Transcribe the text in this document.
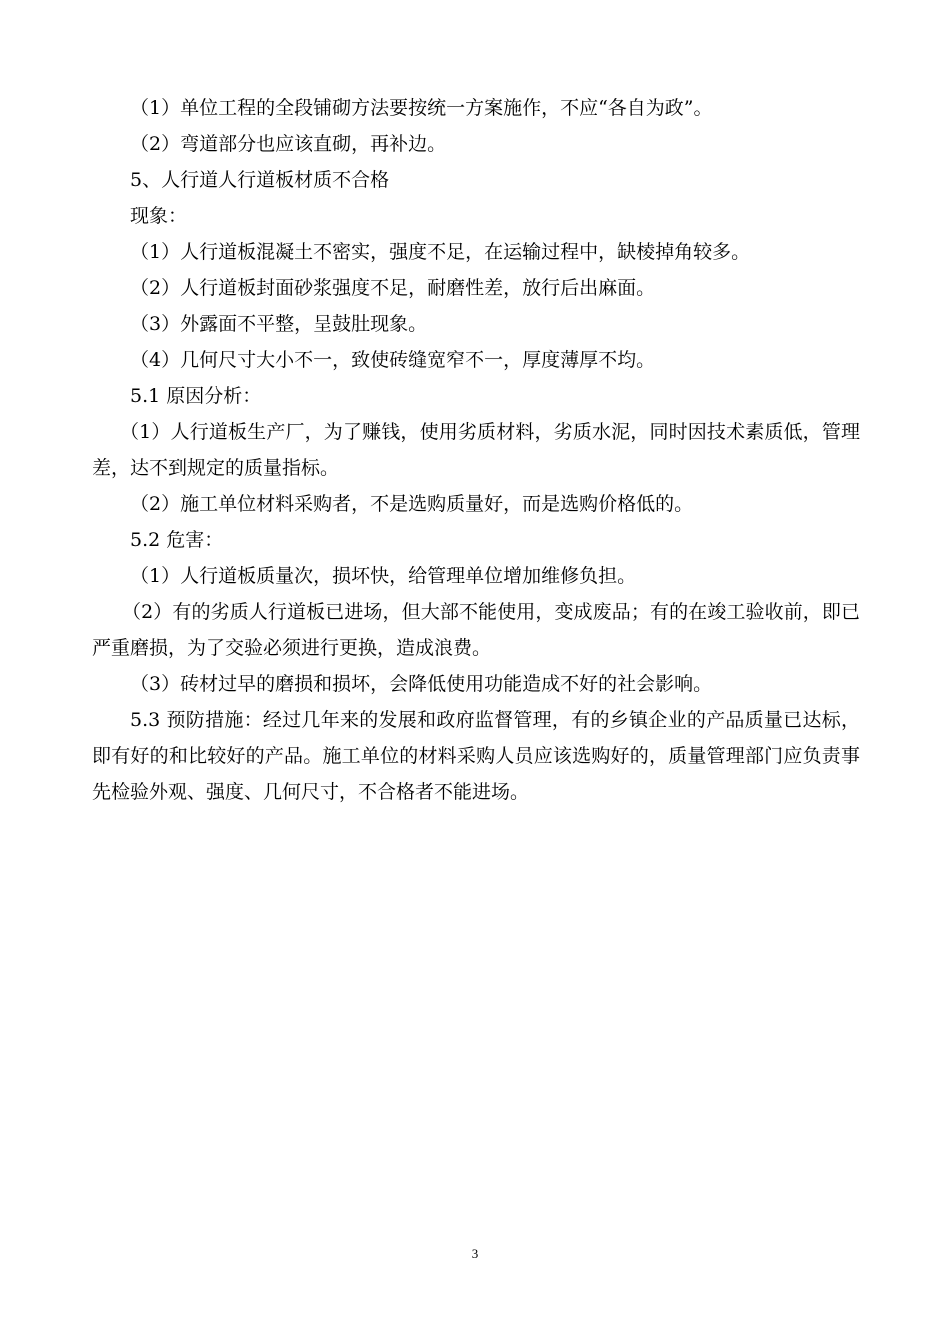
（1）单位工程的全段铺砌方法要按统一方案施作，不应“各自为政”。

（2）弯道部分也应该直砌，再补边。

5、人行道人行道板材质不合格

现象：

（1）人行道板混凝土不密实，强度不足，在运输过程中，缺棱掉角较多。

（2）人行道板封面砂浆强度不足，耐磨性差，放行后出麻面。

（3）外露面不平整，呈鼓肚现象。

（4）几何尺寸大小不一，致使砖缝宽窄不一，厚度薄厚不均。

5.1 原因分析：

（1）人行道板生产厂，为了赚钱，使用劣质材料，劣质水泥，同时因技术素质低，管理差，达不到规定的质量指标。

（2）施工单位材料采购者，不是选购质量好，而是选购价格低的。

5.2 危害：

（1）人行道板质量次，损坏快，给管理单位增加维修负担。

（2）有的劣质人行道板已进场，但大部不能使用，变成废品；有的在竣工验收前，即已严重磨损，为了交验必须进行更换，造成浪费。

（3）砖材过早的磨损和损坏，会降低使用功能造成不好的社会影响。

5.3 预防措施：经过几年来的发展和政府监督管理，有的乡镇企业的产品质量已达标，即有好的和比较好的产品。施工单位的材料采购人员应该选购好的，质量管理部门应负责事先检验外观、强度、几何尺寸，不合格者不能进场。

3
